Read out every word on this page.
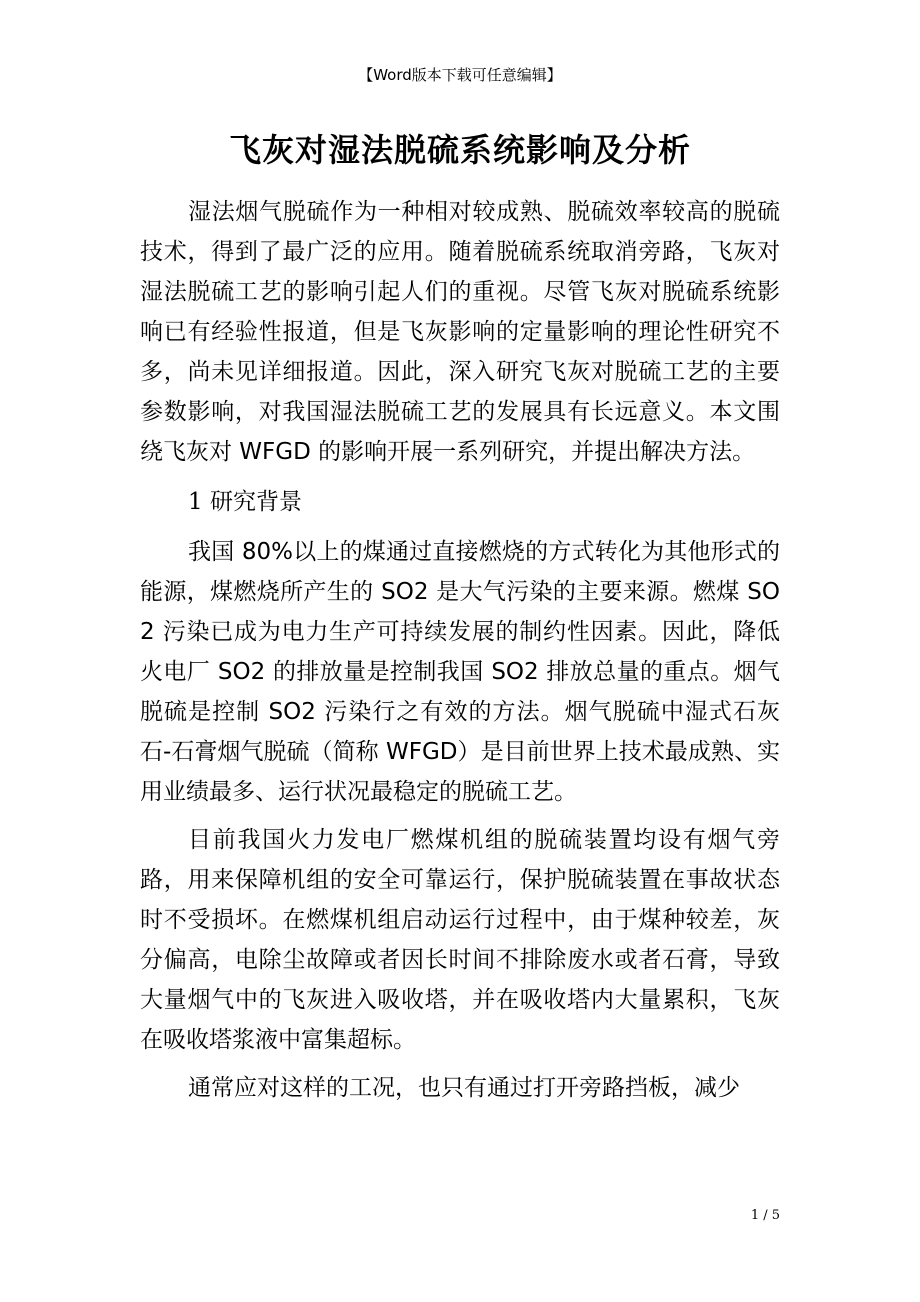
【Word版本下载可任意编辑】
飞灰对湿法脱硫系统影响及分析

湿法烟气脱硫作为一种相对较成熟、脱硫效率较高的脱硫技术，得到了最广泛的应用。随着脱硫系统取消旁路，飞灰对湿法脱硫工艺的影响引起人们的重视。尽管飞灰对脱硫系统影响已有经验性报道，但是飞灰影响的定量影响的理论性研究不多，尚未见详细报道。因此，深入研究飞灰对脱硫工艺的主要参数影响，对我国湿法脱硫工艺的发展具有长远意义。本文围绕飞灰对 WFGD 的影响开展一系列研究，并提出解决方法。

1 研究背景

我国 80%以上的煤通过直接燃烧的方式转化为其他形式的能源，煤燃烧所产生的 SO2 是大气污染的主要来源。燃煤 SO2 污染已成为电力生产可持续发展的制约性因素。因此，降低火电厂 SO2 的排放量是控制我国 SO2 排放总量的重点。烟气脱硫是控制 SO2 污染行之有效的方法。烟气脱硫中湿式石灰石-石膏烟气脱硫（简称 WFGD）是目前世界上技术最成熟、实用业绩最多、运行状况最稳定的脱硫工艺。

目前我国火力发电厂燃煤机组的脱硫装置均设有烟气旁路，用来保障机组的安全可靠运行，保护脱硫装置在事故状态时不受损坏。在燃煤机组启动运行过程中，由于煤种较差，灰分偏高，电除尘故障或者因长时间不排除废水或者石膏，导致大量烟气中的飞灰进入吸收塔，并在吸收塔内大量累积，飞灰在吸收塔浆液中富集超标。

通常应对这样的工况，也只有通过打开旁路挡板，减少

1 / 5
